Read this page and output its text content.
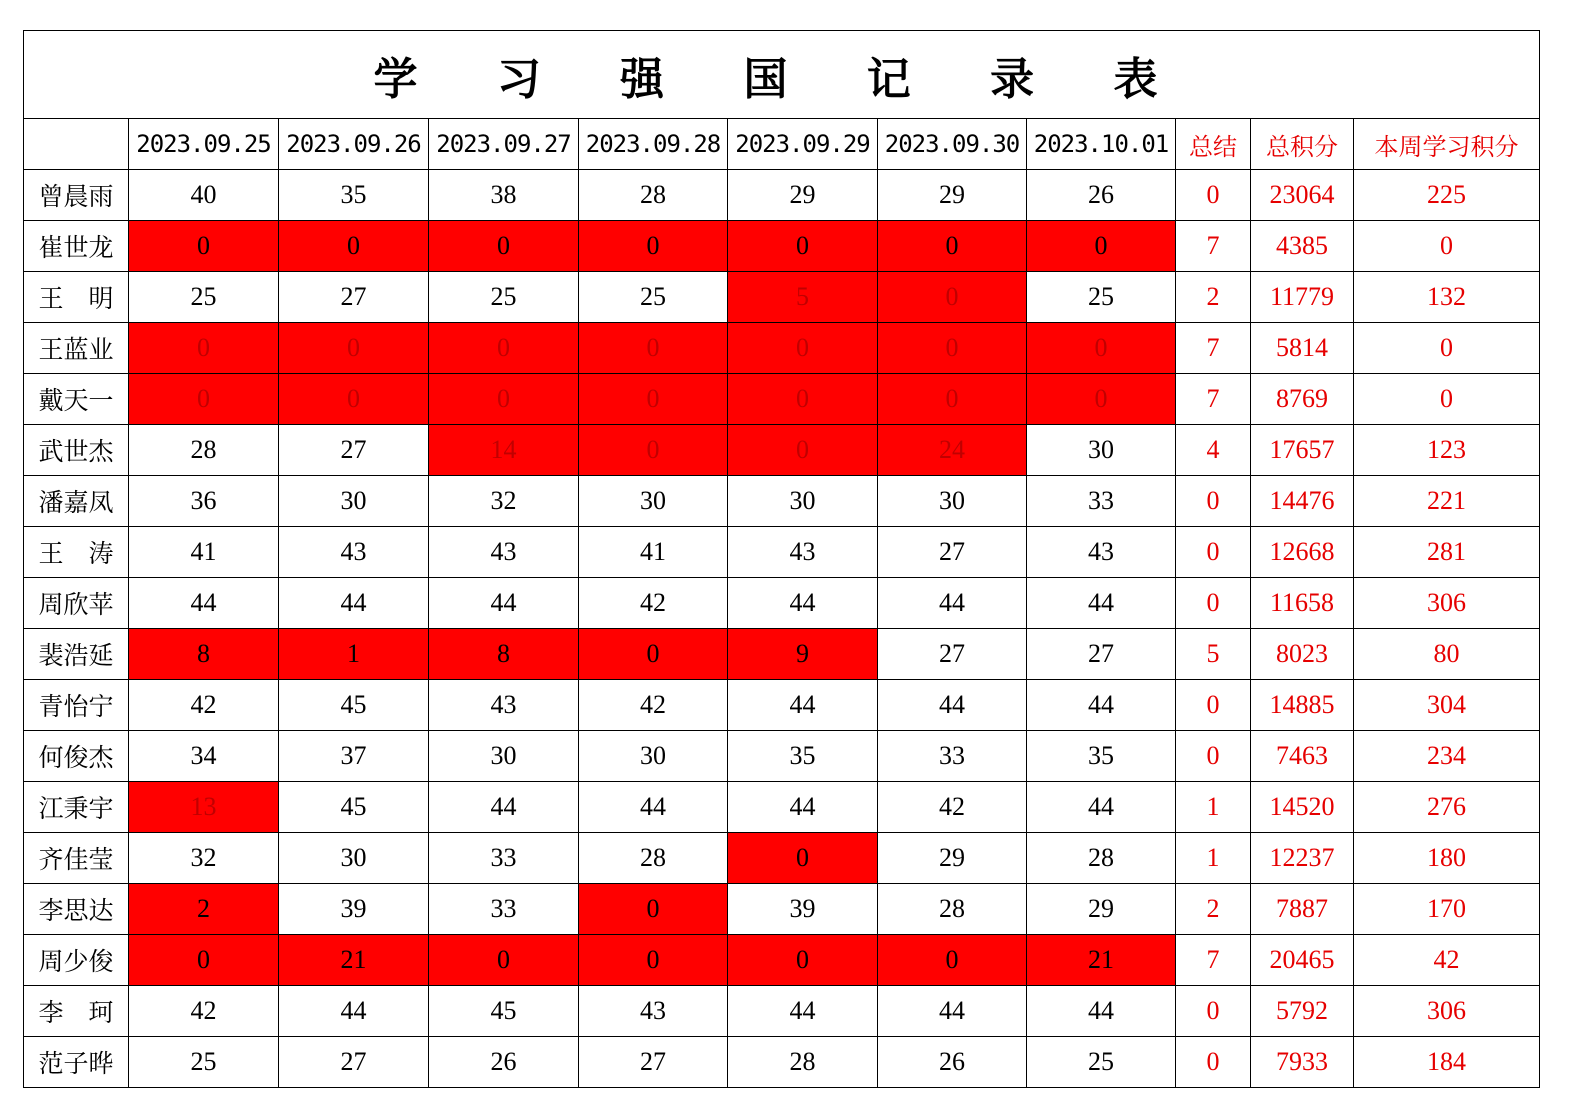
学 习 强 国 记 录 表										
	2023.09.25	2023.09.26	2023.09.27	2023.09.28	2023.09.29	2023.09.30	2023.10.01	总结	总积分	本周学习积分
曾晨雨	40	35	38	28	29	29	26	0	23064	225
崔世龙	0	0	0	0	0	0	0	7	4385	0
王　明	25	27	25	25	5	0	25	2	11779	132
王蓝业	0	0	0	0	0	0	0	7	5814	0
戴天一	0	0	0	0	0	0	0	7	8769	0
武世杰	28	27	14	0	0	24	30	4	17657	123
潘嘉凤	36	30	32	30	30	30	33	0	14476	221
王　涛	41	43	43	41	43	27	43	0	12668	281
周欣苹	44	44	44	42	44	44	44	0	11658	306
裴浩延	8	1	8	0	9	27	27	5	8023	80
青怡宁	42	45	43	42	44	44	44	0	14885	304
何俊杰	34	37	30	30	35	33	35	0	7463	234
江秉宇	13	45	44	44	44	42	44	1	14520	276
齐佳莹	32	30	33	28	0	29	28	1	12237	180
李思达	2	39	33	0	39	28	29	2	7887	170
周少俊	0	21	0	0	0	0	21	7	20465	42
李　珂	42	44	45	43	44	44	44	0	5792	306
范子晔	25	27	26	27	28	26	25	0	7933	184
